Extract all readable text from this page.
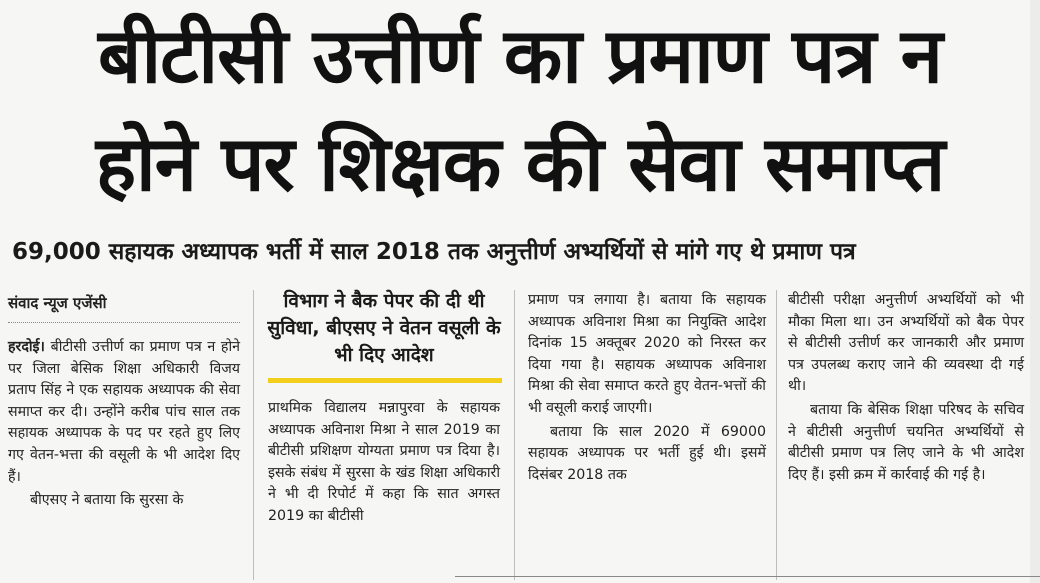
बीटीसी उत्तीर्ण का प्रमाण पत्र न
होने पर शिक्षक की सेवा समाप्त
69,000 सहायक अध्यापक भर्ती में साल 2018 तक अनुत्तीर्ण अभ्यर्थियों से मांगे गए थे प्रमाण पत्र
संवाद न्यूज एजेंसी

हरदोई। बीटीसी उत्तीर्ण का प्रमाण पत्र न होने पर जिला बेसिक शिक्षा अधिकारी विजय प्रताप सिंह ने एक सहायक अध्यापक की सेवा समाप्त कर दी। उन्होंने करीब पांच साल तक सहायक अध्यापक के पद पर रहते हुए लिए गए वेतन-भत्ता की वसूली के भी आदेश दिए हैं।

बीएसए ने बताया कि सुरसा के

विभाग ने बैक पेपर की दी थी सुविधा, बीएसए ने वेतन वसूली के भी दिए आदेश

प्राथमिक विद्यालय मन्नापुरवा के सहायक अध्यापक अविनाश मिश्रा ने साल 2019 का बीटीसी प्रशिक्षण योग्यता प्रमाण पत्र दिया है। इसके संबंध में सुरसा के खंड शिक्षा अधिकारी ने भी दी रिपोर्ट में कहा कि सात अगस्त 2019 का बीटीसी

प्रमाण पत्र लगाया है। बताया कि सहायक अध्यापक अविनाश मिश्रा का नियुक्ति आदेश दिनांक 15 अक्तूबर 2020 को निरस्त कर दिया गया है। सहायक अध्यापक अविनाश मिश्रा की सेवा समाप्त करते हुए वेतन-भत्तों की भी वसूली कराई जाएगी।

बताया कि साल 2020 में 69000 सहायक अध्यापक पर भर्ती हुई थी। इसमें दिसंबर 2018 तक

बीटीसी परीक्षा अनुत्तीर्ण अभ्यर्थियों को भी मौका मिला था। उन अभ्यर्थियों को बैक पेपर से बीटीसी उत्तीर्ण कर जानकारी और प्रमाण पत्र उपलब्ध कराए जाने की व्यवस्था दी गई थी।

बताया कि बेसिक शिक्षा परिषद के सचिव ने बीटीसी अनुत्तीर्ण चयनित अभ्यर्थियों से बीटीसी प्रमाण पत्र लिए जाने के भी आदेश दिए हैं। इसी क्रम में कार्रवाई की गई है।
